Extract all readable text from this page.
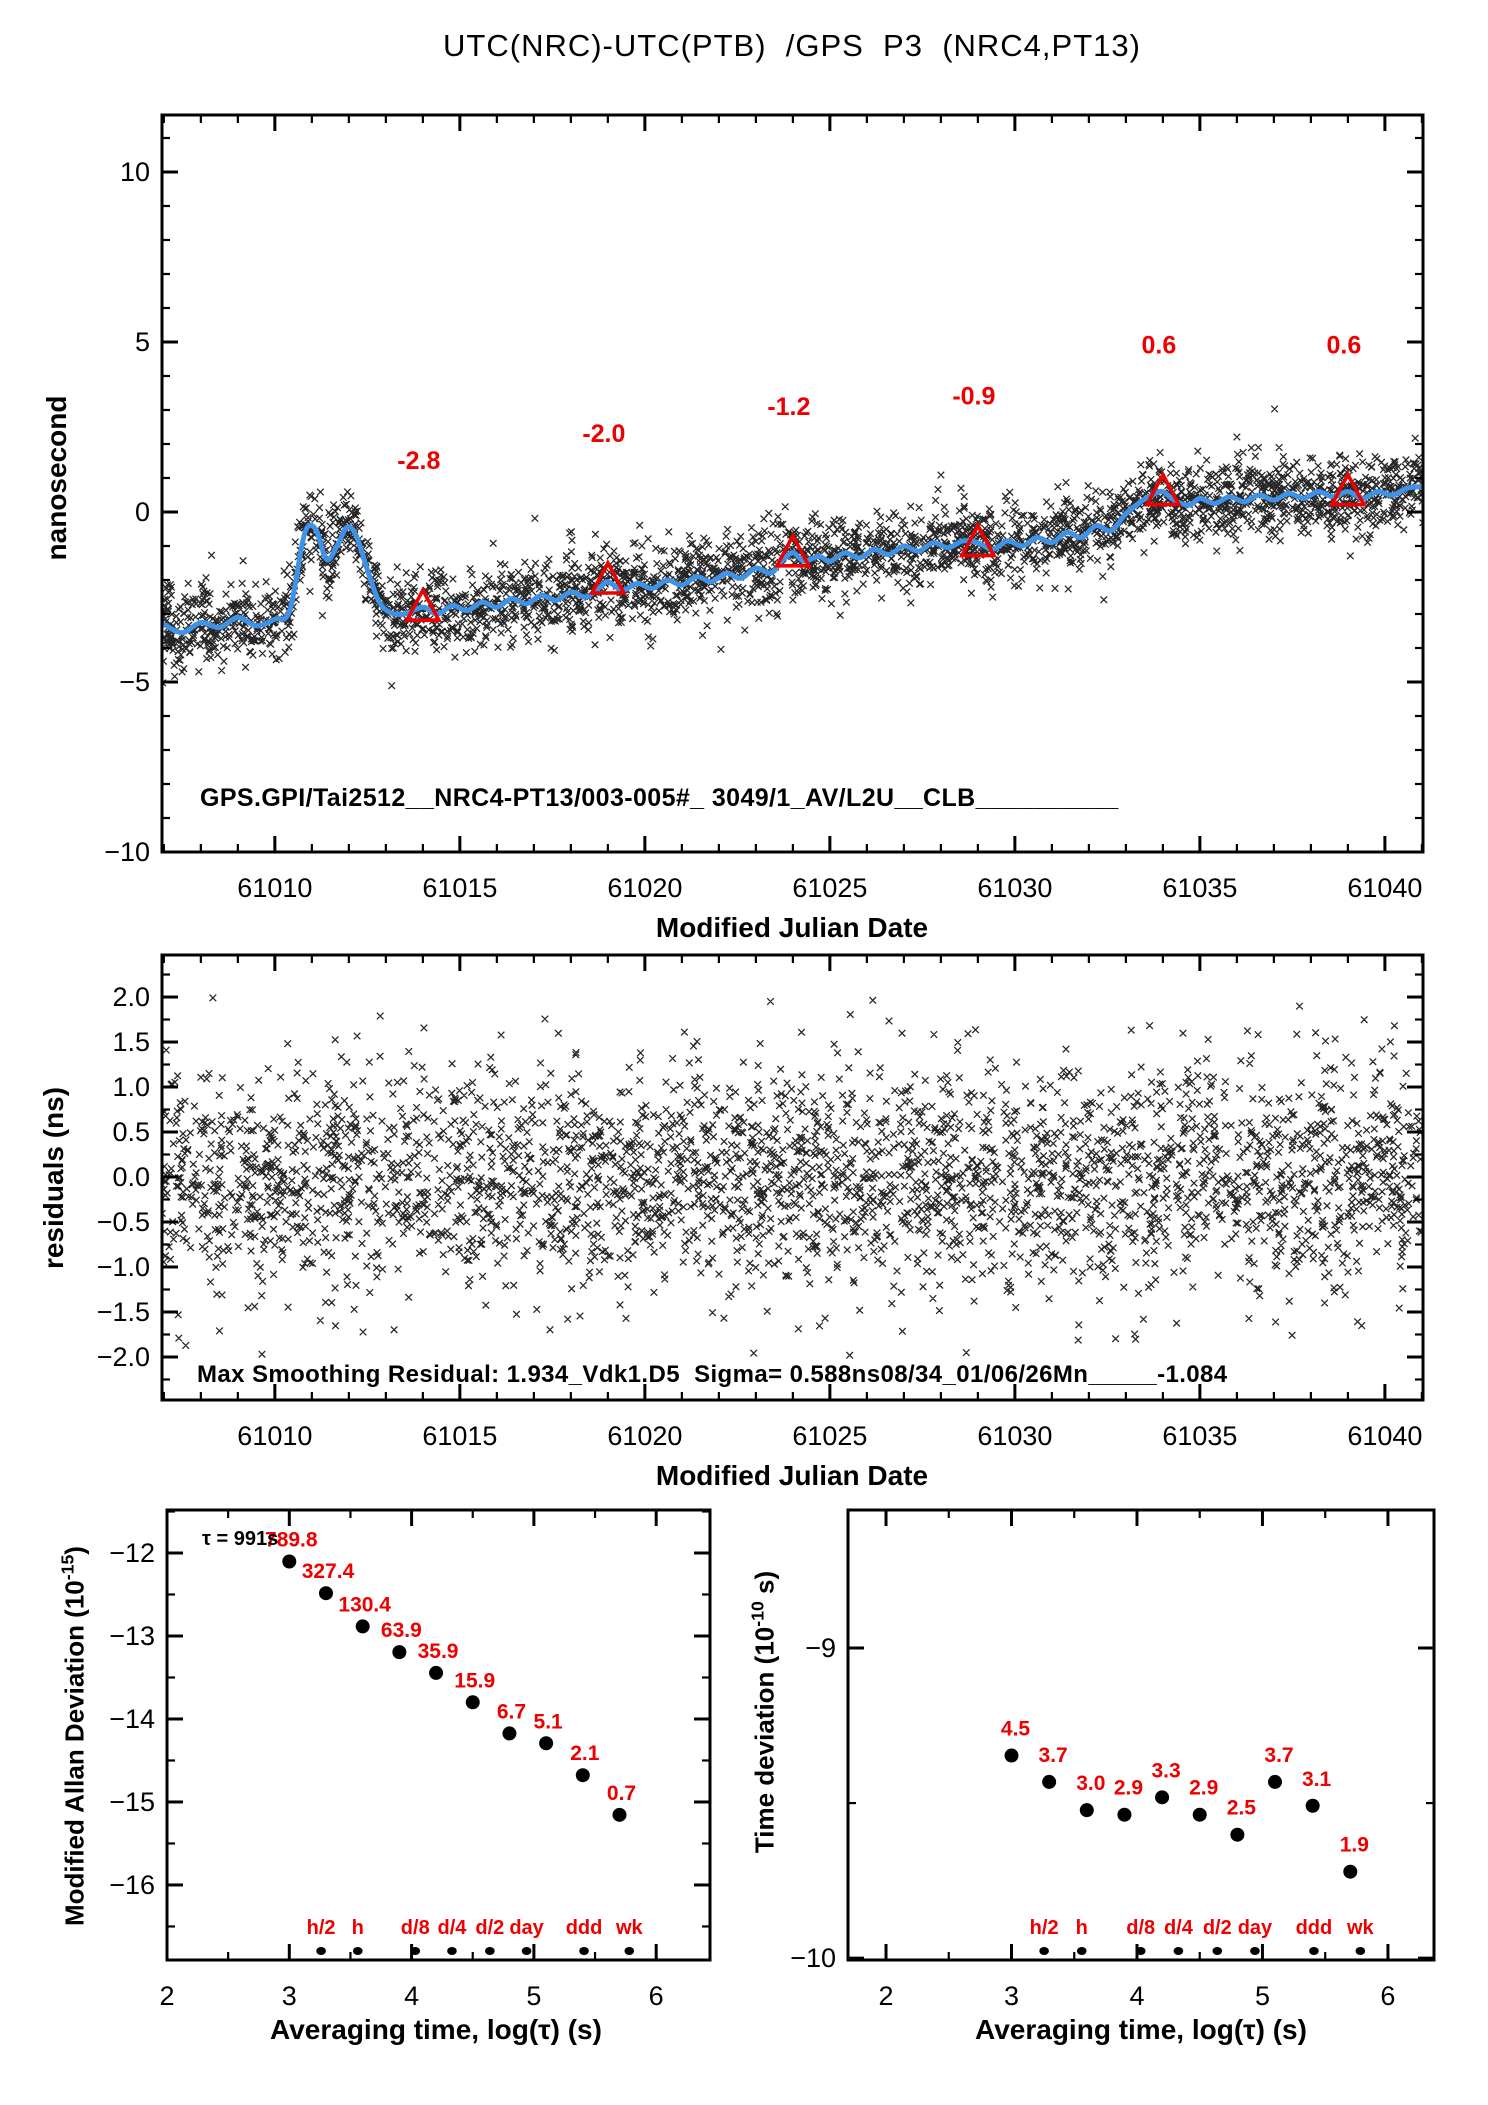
-2.8
-2.0
-1.2	-0.9
0.6	0.6
61010	61015	61020	61025	61030	61035	61040
10
5
0
−5
−10
61010	61015	61020	61025	61030	61035	61040
2.0
1.5
1.0
0.5
0.0
−0.5
−1.0
−1.5
−2.0
789.8
327.4
130.4
63.9
35.9
15.9
6.7 5.1
2.1
0.7
h/2 h d/8 d/4 d/2 day ddd wk
2	3	4	5	6
−12
−13
−14
−15
−16
4.5
3.7
3.0 2.9
3.3
2.9
2.5
3.7
3.1
1.9
h/2 h d/8 d/4 d/2 day ddd wk
2	3	4	5	6
−9
−10
UTC(NRC)-UTC(PTB)  /GPS  P3  (NRC4,PT13)
nanosecond
Modified Julian Date
residuals (ns)
Modified Julian Date
Modified Allan Deviation $(10^{-15})$
Time deviation ($10^{-10}$ s)
Averaging time, log(τ) (s)	Averaging time, log(τ) (s)
GPS.GPI/Tai2512__NRC4-PT13/003-005#_ 3049/1_AV/L2U__CLB__________
Max Smoothing Residual: 1.934_Vdk1.D5  Sigma= 0.588ns08/34_01/06/26Mn_____-1.084
τ = 991s
